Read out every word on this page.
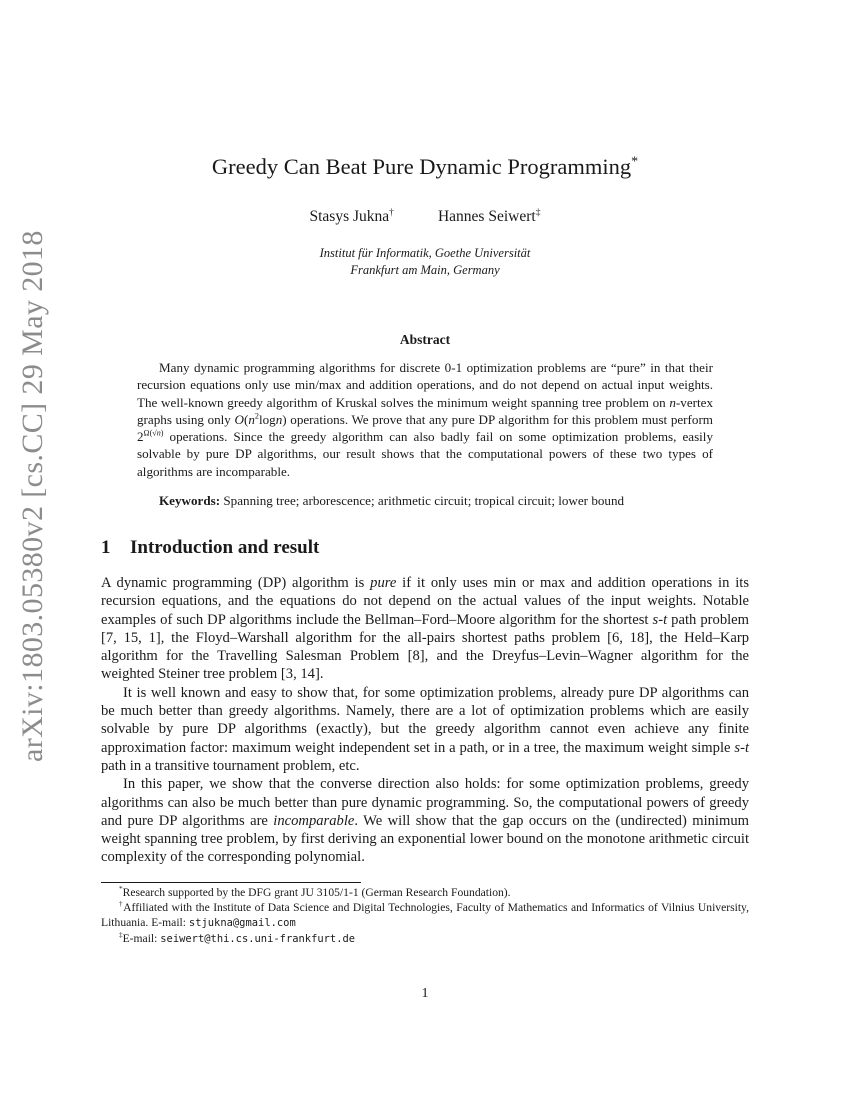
arXiv:1803.05380v2 [cs.CC] 29 May 2018
Greedy Can Beat Pure Dynamic Programming*
Stasys Jukna†	Hannes Seiwert‡
Institut für Informatik, Goethe Universität
Frankfurt am Main, Germany
Abstract

Many dynamic programming algorithms for discrete 0-1 optimization problems are “pure” in that their recursion equations only use min/max and addition operations, and do not depend on actual input weights. The well-known greedy algorithm of Kruskal solves the minimum weight spanning tree problem on n-vertex graphs using only $O(n^2\log n)$ operations. We prove that any pure DP algorithm for this problem must perform $2^{\Omega(√n)}$ operations. Since the greedy algorithm can also badly fail on some optimization problems, easily solvable by pure DP algorithms, our result shows that the computational powers of these two types of algorithms are incomparable.

Keywords: Spanning tree; arborescence; arithmetic circuit; tropical circuit; lower bound
1 Introduction and result

A dynamic programming (DP) algorithm is pure if it only uses min or max and addition operations in its recursion equations, and the equations do not depend on the actual values of the input weights. Notable examples of such DP algorithms include the Bellman–Ford–Moore algorithm for the shortest s-t path problem [7, 15, 1], the Floyd–Warshall algorithm for the all-pairs shortest paths problem [6, 18], the Held–Karp algorithm for the Travelling Salesman Problem [8], and the Dreyfus–Levin–Wagner algorithm for the weighted Steiner tree problem [3, 14].

It is well known and easy to show that, for some optimization problems, already pure DP algorithms can be much better than greedy algorithms. Namely, there are a lot of optimization problems which are easily solvable by pure DP algorithms (exactly), but the greedy algorithm cannot even achieve any finite approximation factor: maximum weight independent set in a path, or in a tree, the maximum weight simple s-t path in a transitive tournament problem, etc.

In this paper, we show that the converse direction also holds: for some optimization problems, greedy algorithms can also be much better than pure dynamic programming. So, the computational powers of greedy and pure DP algorithms are incomparable. We will show that the gap occurs on the (undirected) minimum weight spanning tree problem, by first deriving an exponential lower bound on the monotone arithmetic circuit complexity of the corresponding polynomial.

*Research supported by the DFG grant JU 3105/1-1 (German Research Foundation).

†Affiliated with the Institute of Data Science and Digital Technologies, Faculty of Mathematics and Informatics of Vilnius University, Lithuania. E-mail: stjukna@gmail.com

‡E-mail: seiwert@thi.cs.uni-frankfurt.de

1
